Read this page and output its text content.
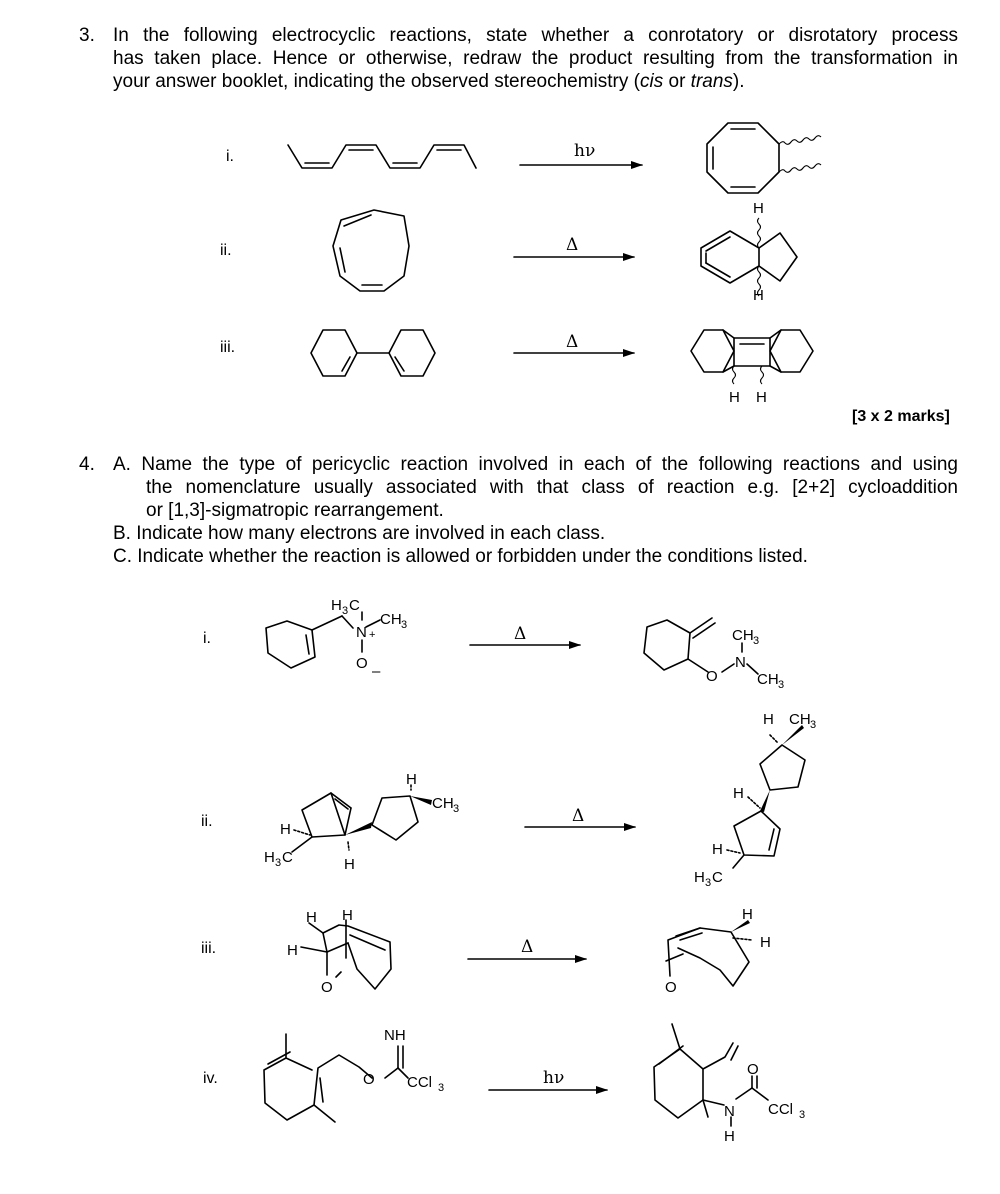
3. In the following electrocyclic reactions, state whether a conrotatory or disrotatory process
has taken place. Hence or otherwise, redraw the product resulting from the transformation in
your answer booklet, indicating the observed stereochemistry (cis or trans).
i.
ii.
iii.
hν
Δ
Δ
[3 x 2 marks]
4. A. Name the type of pericyclic reaction involved in each of the following reactions and using
the nomenclature usually associated with that class of reaction e.g. [2+2] cycloaddition
or [1,3]-sigmatropic rearrangement.
B. Indicate how many electrons are involved in each class.
C. Indicate whether the reaction is allowed or forbidden under the conditions listed.
i.
ii.
iii.
iv.
Δ
Δ
Δ
hν
H
H
H H
H 3 C
N +
CH 3
O –	O
N
CH 3
CH 3
H
CH 3
H
H
H 3 C
H CH 3
H
H
H 3 C
H H
H
O
H
H
O
NH
O CCl 3
N
H
O
CCl 3
